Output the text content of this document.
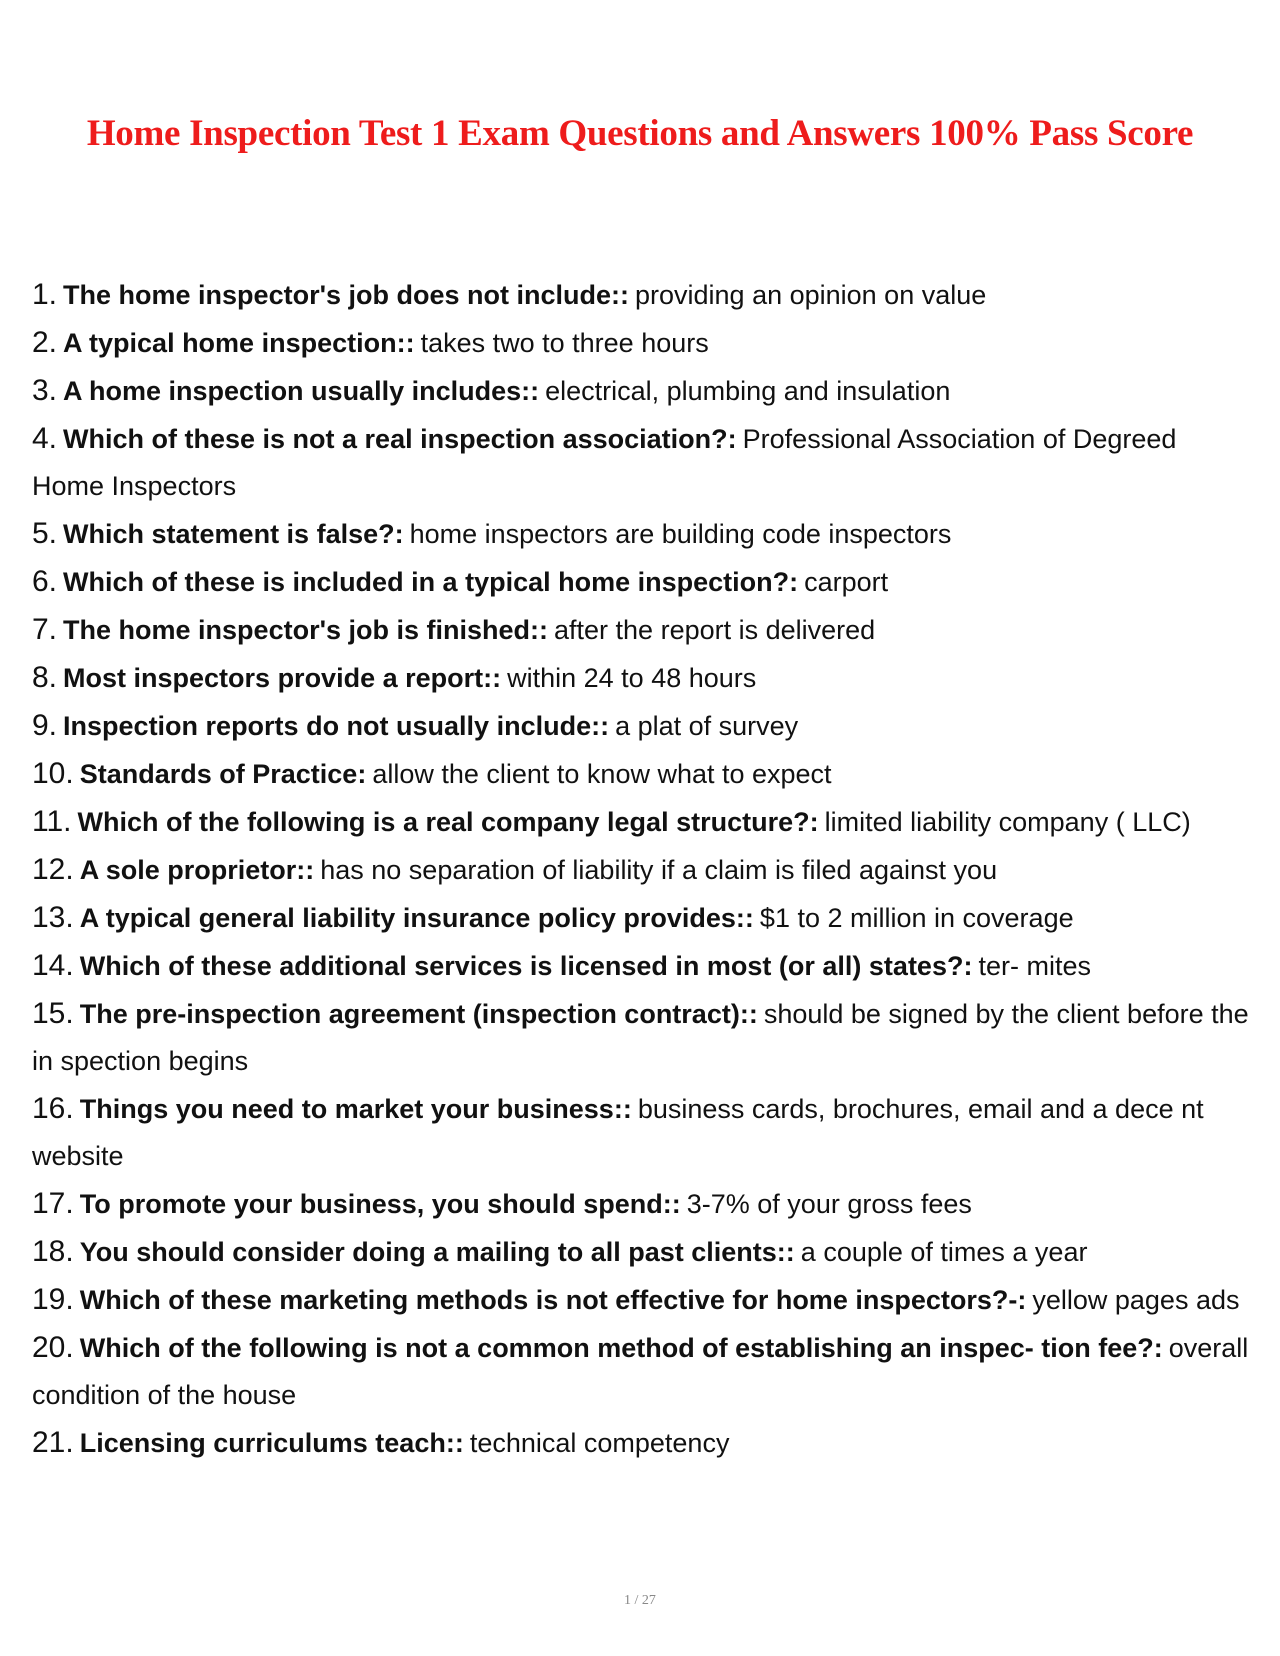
Home Inspection Test 1 Exam Questions and Answers 100% Pass Score
1. The home inspector's job does not include:: providing an opinion on value
2. A typical home inspection:: takes two to three hours
3. A home inspection usually includes:: electrical, plumbing and insulation
4. Which of these is not a real inspection association?: Professional Association of Degreed Home Inspectors
5. Which statement is false?: home inspectors are building code inspectors
6. Which of these is included in a typical home inspection?: carport
7. The home inspector's job is finished:: after the report is delivered
8. Most inspectors provide a report:: within 24 to 48 hours
9. Inspection reports do not usually include:: a plat of survey
10. Standards of Practice: allow the client to know what to expect
11. Which of the following is a real company legal structure?: limited liability company ( LLC)
12. A sole proprietor:: has no separation of liability if a claim is filed against you
13. A typical general liability insurance policy provides:: $1 to 2 million in coverage
14. Which of these additional services is licensed in most (or all) states?: ter- mites
15. The pre-inspection agreement (inspection contract):: should be signed by the client before the in spection begins
16. Things you need to market your business:: business cards, brochures, email and a dece nt website
17. To promote your business, you should spend:: 3-7% of your gross fees
18. You should consider doing a mailing to all past clients:: a couple of times a year
19. Which of these marketing methods is not effective for home inspectors?-: yellow pages ads
20. Which of the following is not a common method of establishing an inspec- tion fee?: overall condition of the house
21. Licensing curriculums teach:: technical competency
1 / 27
